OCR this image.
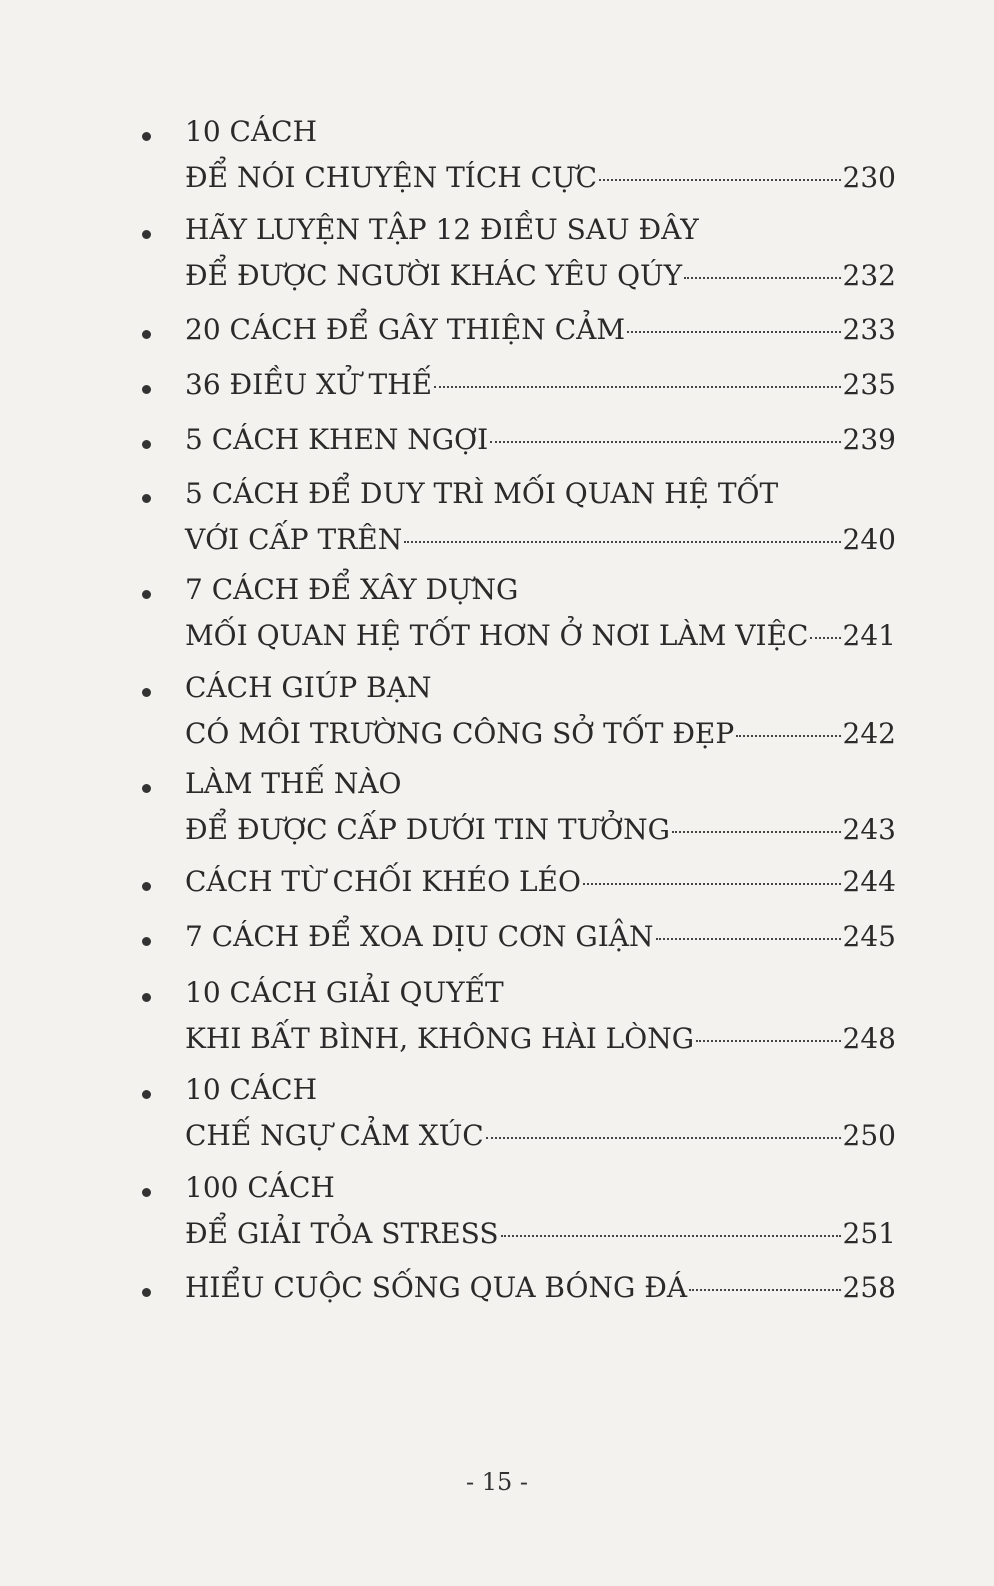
10 CÁCH
ĐỂ NÓI CHUYỆN TÍCH CỰC	230
HÃY LUYỆN TẬP 12 ĐIỀU SAU ĐÂY
ĐỂ ĐƯỢC NGƯỜI KHÁC YÊU QÚY	232
20 CÁCH ĐỂ GÂY THIỆN CẢM	233
36 ĐIỀU XỬ THẾ	235
5 CÁCH KHEN NGỢI	239
5 CÁCH ĐỂ DUY TRÌ MỐI QUAN HỆ TỐT
VỚI CẤP TRÊN	240
7 CÁCH ĐỂ XÂY DỰNG
MỐI QUAN HỆ TỐT HƠN Ở NƠI LÀM VIỆC 241
CÁCH GIÚP BẠN
CÓ MÔI TRƯỜNG CÔNG SỞ TỐT ĐẸP	242
LÀM THẾ NÀO
ĐỂ ĐƯỢC CẤP DƯỚI TIN TƯỞNG	243
CÁCH TỪ CHỐI KHÉO LÉO	244
7 CÁCH ĐỂ XOA DỊU CƠN GIẬN	245
10 CÁCH GIẢI QUYẾT
KHI BẤT BÌNH, KHÔNG HÀI LÒNG	248
10 CÁCH
CHẾ NGỰ CẢM XÚC	250
100 CÁCH
ĐỂ GIẢI TỎA STRESS	251
HIỂU CUỘC SỐNG QUA BÓNG ĐÁ	258
- 15 -
